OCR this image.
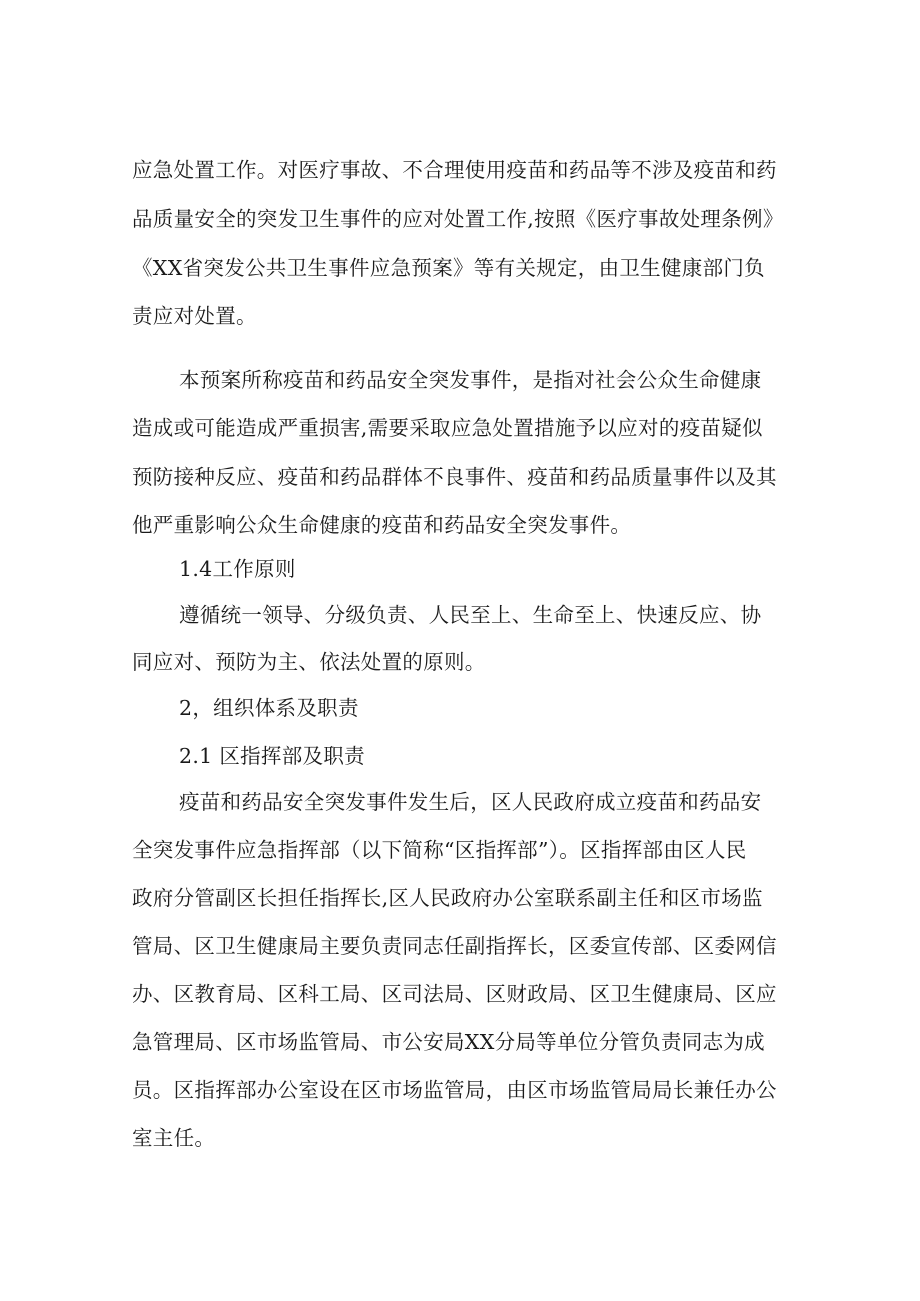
应急处置工作。对医疗事故、不合理使用疫苗和药品等不涉及疫苗和药
品质量安全的突发卫生事件的应对处置工作,按照《医疗事故处理条例》
《XX省突发公共卫生事件应急预案》等有关规定，由卫生健康部门负
责应对处置。
本预案所称疫苗和药品安全突发事件，是指对社会公众生命健康
造成或可能造成严重损害,需要采取应急处置措施予以应对的疫苗疑似
预防接种反应、疫苗和药品群体不良事件、疫苗和药品质量事件以及其
他严重影响公众生命健康的疫苗和药品安全突发事件。
1.4工作原则
遵循统一领导、分级负责、人民至上、生命至上、快速反应、协
同应对、预防为主、依法处置的原则。
2，组织体系及职责
2.1 区指挥部及职责
疫苗和药品安全突发事件发生后，区人民政府成立疫苗和药品安
全突发事件应急指挥部（以下简称“区指挥部”）。区指挥部由区人民
政府分管副区长担任指挥长,区人民政府办公室联系副主任和区市场监
管局、区卫生健康局主要负责同志任副指挥长，区委宣传部、区委网信
办、区教育局、区科工局、区司法局、区财政局、区卫生健康局、区应
急管理局、区市场监管局、市公安局XX分局等单位分管负责同志为成
员。区指挥部办公室设在区市场监管局，由区市场监管局局长兼任办公
室主任。
